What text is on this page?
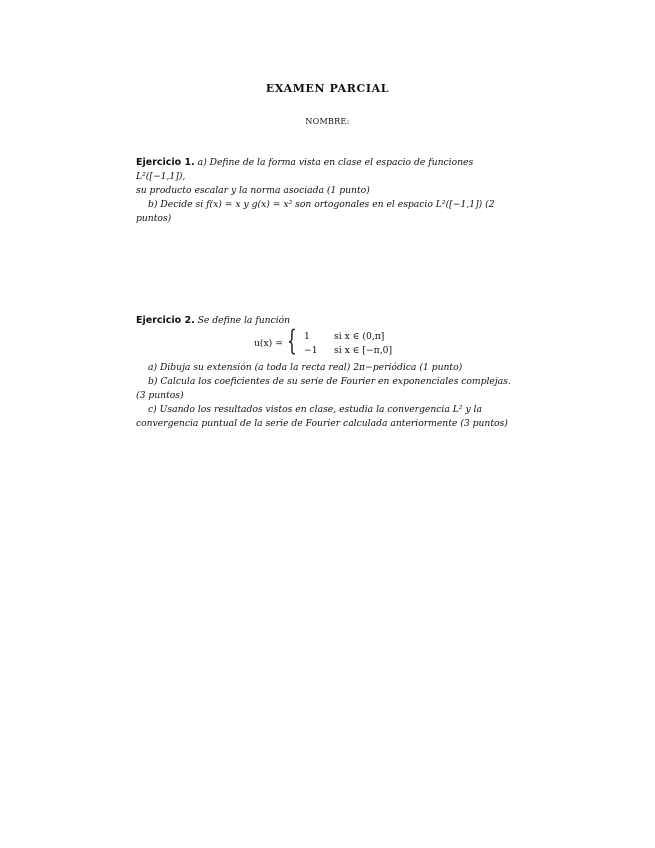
EXAMEN PARCIAL
NOMBRE:

Ejercicio 1. a) Define de la forma vista en clase el espacio de funciones L²([−1,1]),
su producto escalar y la norma asociada (1 punto)

b) Decide si f(x) = x y g(x) = x² son ortogonales en el espacio L²([−1,1]) (2 puntos)

Ejercicio 2. Se define la función

u(x) = { 1	si x ∈ (0,π]
−1	si x ∈ [−π,0]

a) Dibuja su extensión (a toda la recta real) 2π−periódica (1 punto)

b) Calcula los coeficientes de su serie de Fourier en exponenciales complejas. (3 puntos)

c) Usando los resultados vistos en clase, estudia la convergencia L² y la convergencia puntual de la serie de Fourier calculada anteriormente (3 puntos)
